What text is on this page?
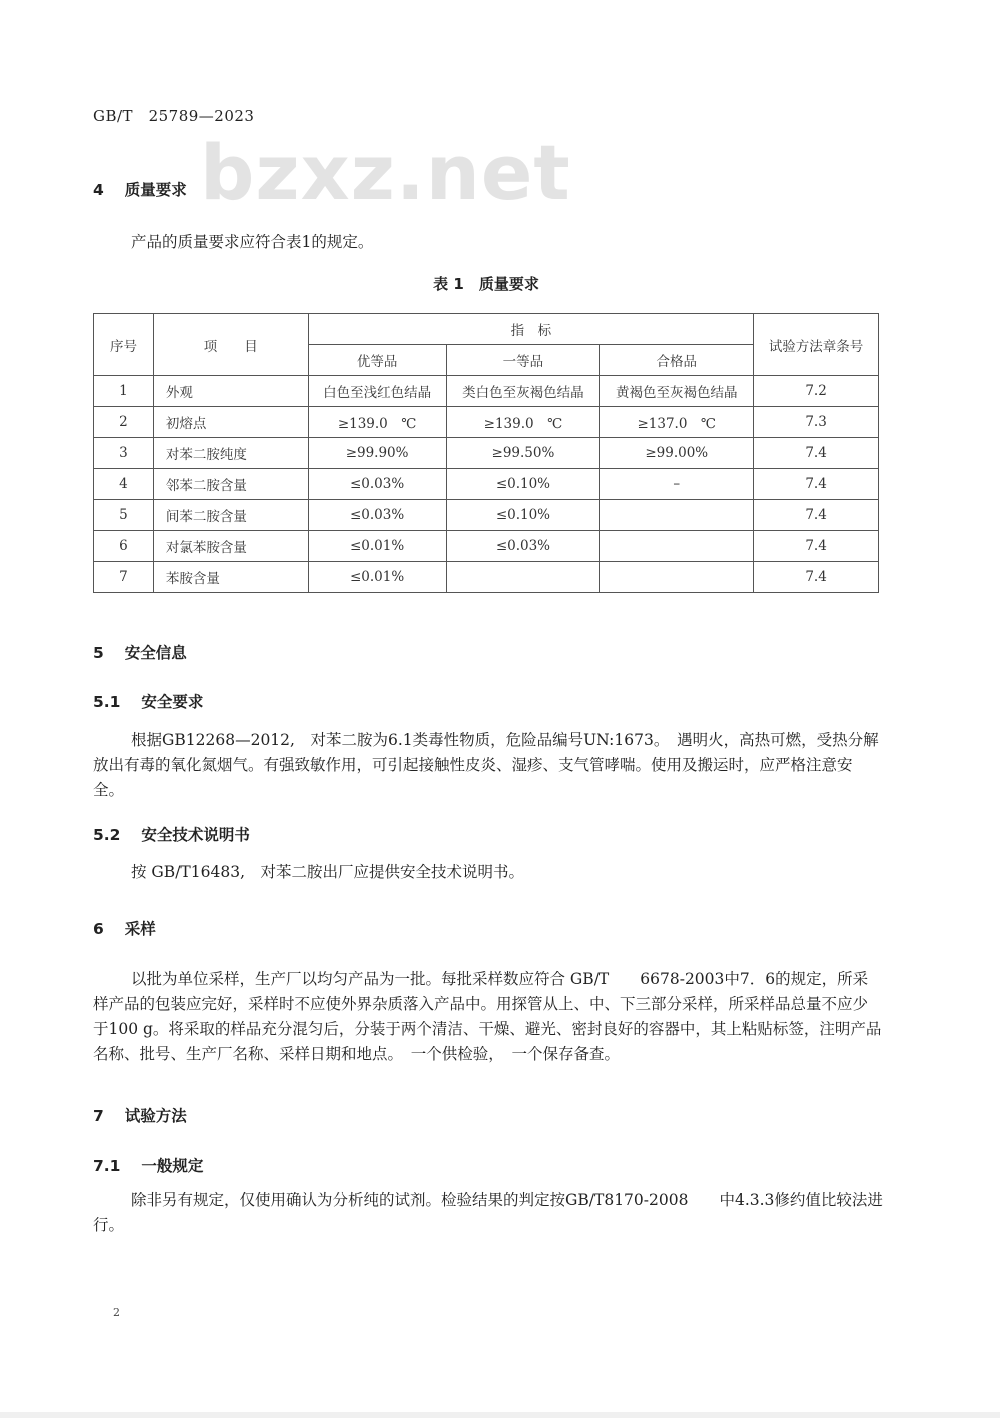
GB/T　25789—2023
bzxz.net
4　 质量要求
产品的质量要求应符合表1的规定。
表 1　质量要求
序号	项　　目	指　标			试验方法章条号
		优等品	一等品	合格品	
1	外观	白色至浅红色结晶	类白色至灰褐色结晶	黄褐色至灰褐色结晶	7.2
2	初熔点	≥139.0　℃	≥139.0　℃	≥137.0　℃	7.3
3	对苯二胺纯度	≥99.90%	≥99.50%	≥99.00%	7.4
4	邻苯二胺含量	≤0.03%	≤0.10%	–	7.4
5	间苯二胺含量	≤0.03%	≤0.10%		7.4
6	对氯苯胺含量	≤0.01%	≤0.03%		7.4
7	苯胺含量	≤0.01%			7.4
5　 安全信息
5.1　 安全要求
根据GB12268—2012,　对苯二胺为6.1类毒性物质，危险品编号UN:1673。　遇明火，高热可燃，受热分解放出有毒的氧化氮烟气。有强致敏作用，可引起接触性皮炎、湿疹、支气管哮喘。使用及搬运时，应严格注意安全。
5.2　 安全技术说明书
按 GB/T16483,　对苯二胺出厂应提供安全技术说明书。
6　 采样
以批为单位采样，生产厂以均匀产品为一批。每批采样数应符合 GB/T　　6678-2003中7．6的规定，所采样产品的包装应完好，采样时不应使外界杂质落入产品中。用探管从上、中、下三部分采样，所采样品总量不应少于100 g。将采取的样品充分混匀后，分装于两个清洁、干燥、避光、密封良好的容器中，其上粘贴标签，注明产品名称、批号、生产厂名称、采样日期和地点。　一个供检验，　一个保存备查。
7　 试验方法
7.1　 一般规定
除非另有规定，仅使用确认为分析纯的试剂。检验结果的判定按GB/T8170-2008　　中4.3.3修约值比较法进行。
2
